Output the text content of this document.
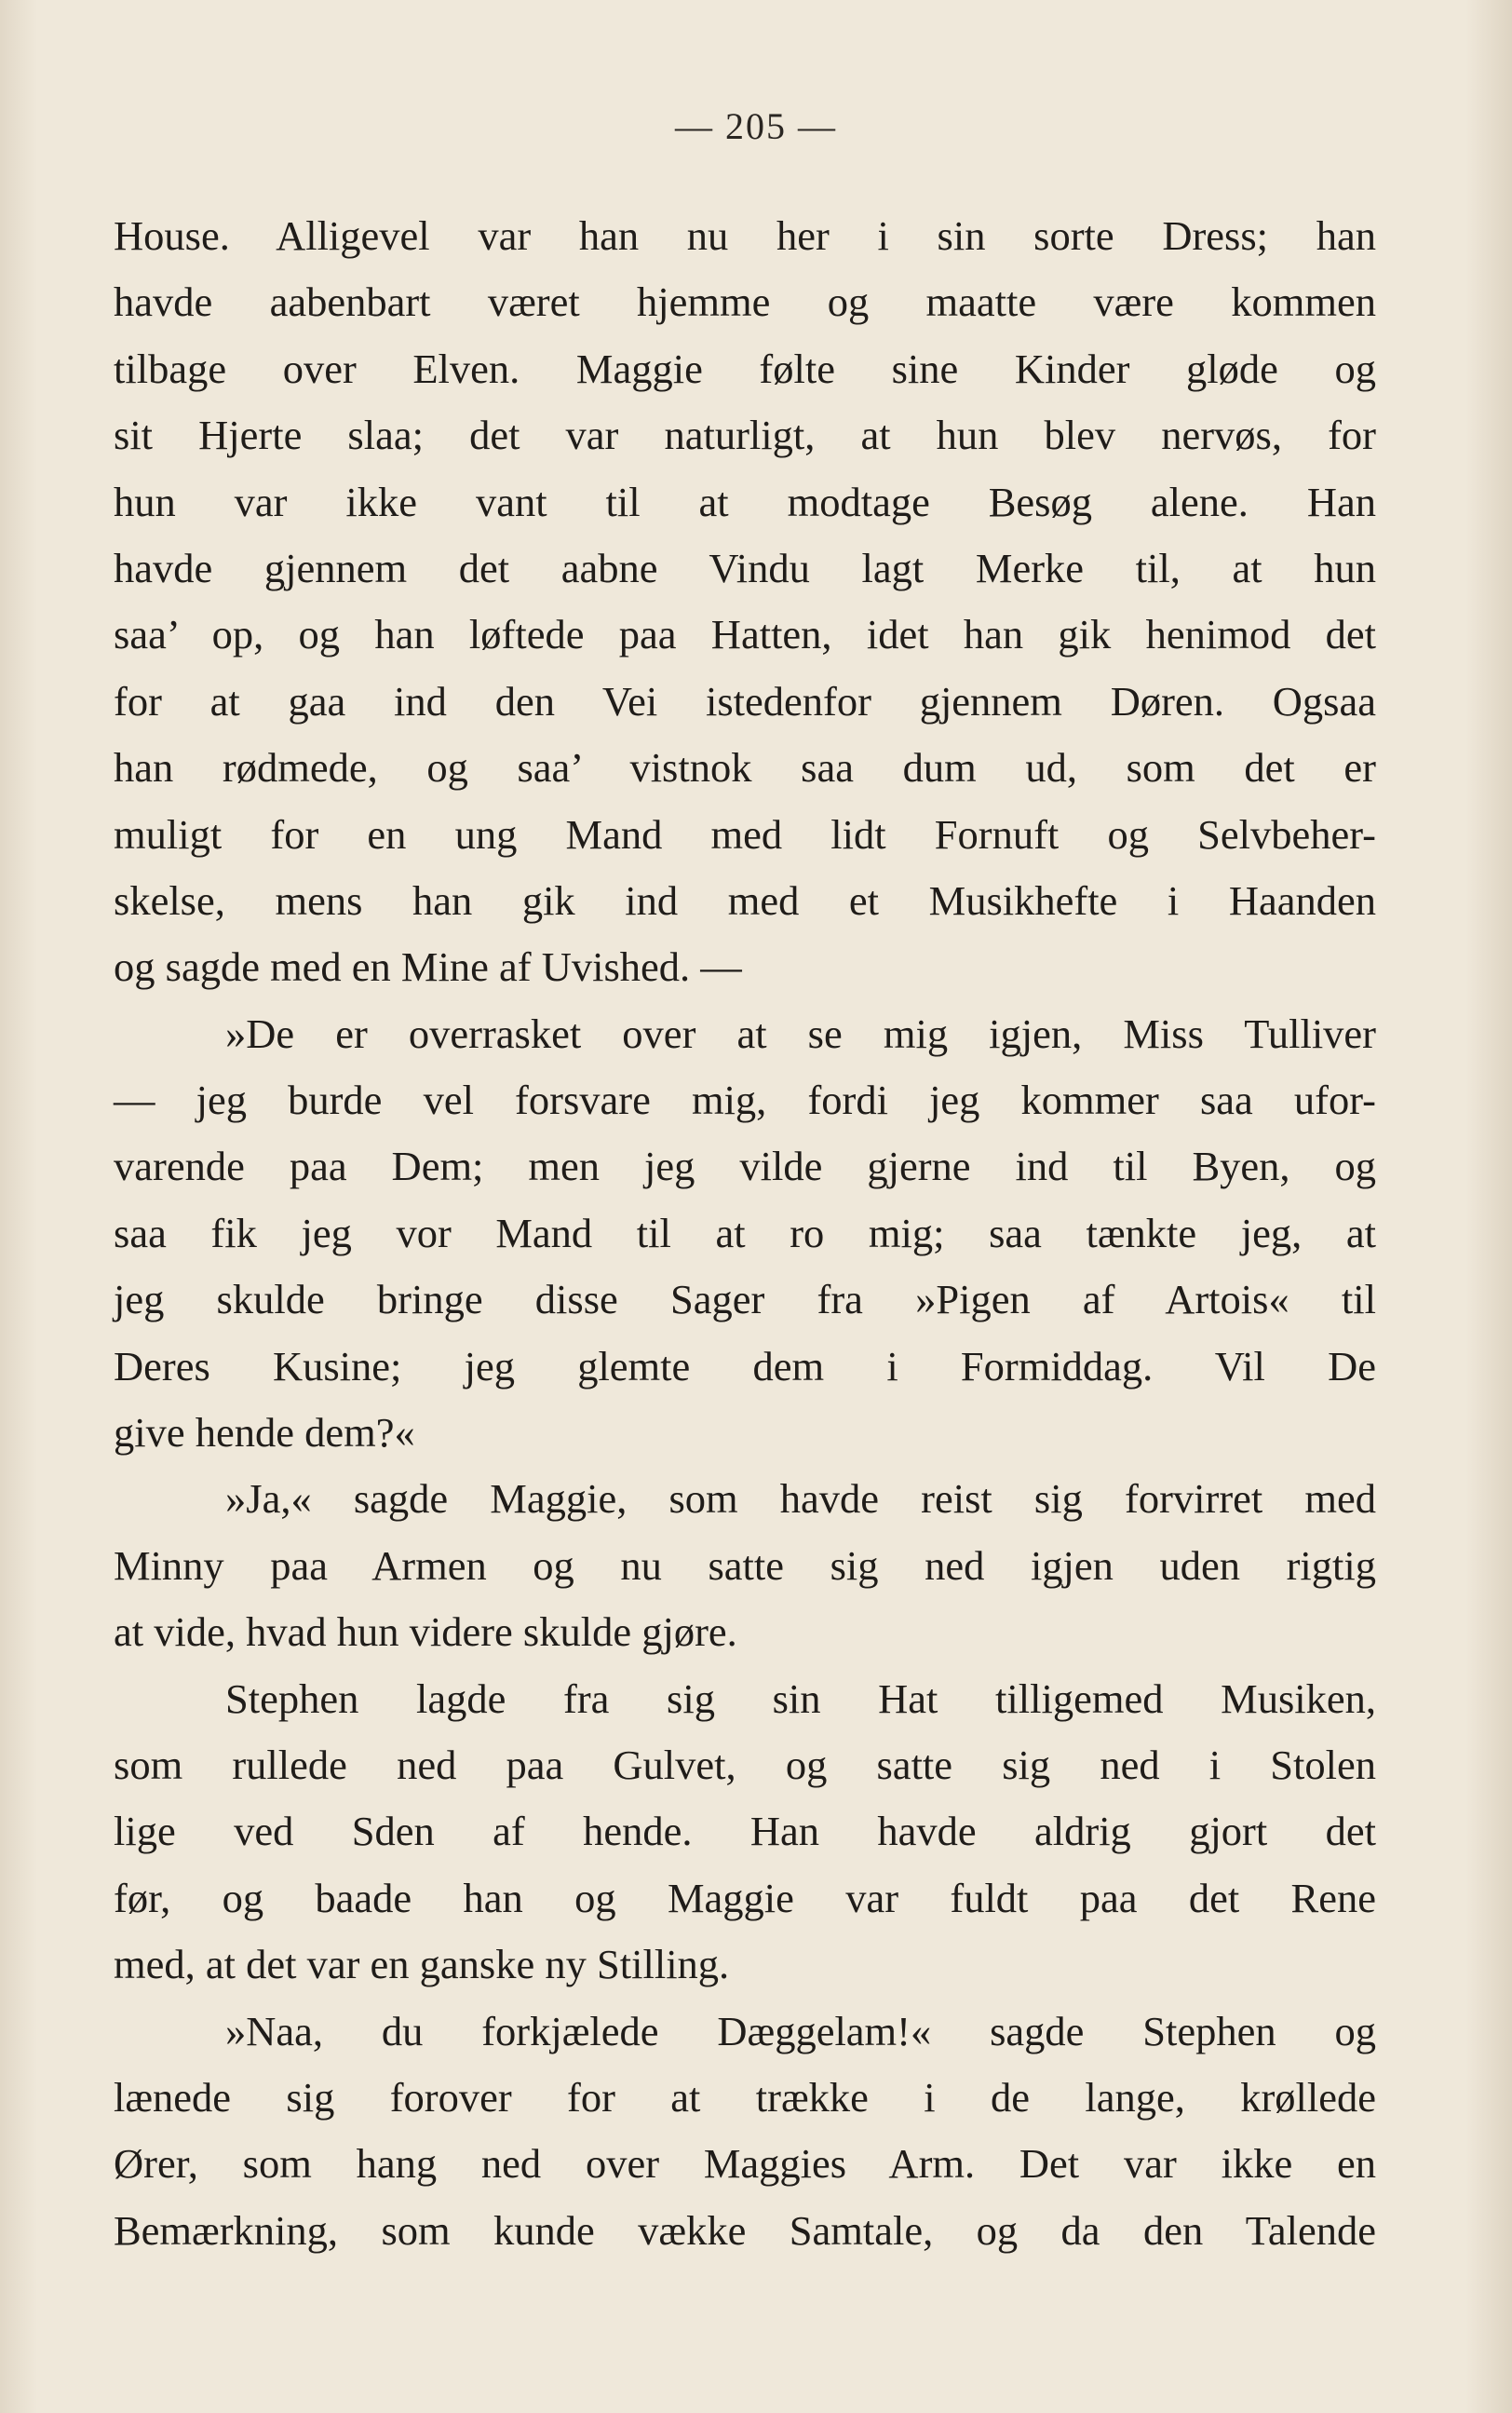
— 205 —
House. Alligevel var han nu her i sin sorte Dress; han
havde aabenbart været hjemme og maatte være kommen
tilbage over Elven. Maggie følte sine Kinder gløde og
sit Hjerte slaa; det var naturligt, at hun blev nervøs, for
hun var ikke vant til at modtage Besøg alene. Han
havde gjennem det aabne Vindu lagt Merke til, at hun
saa’ op, og han løftede paa Hatten, idet han gik henimod det
for at gaa ind den Vei istedenfor gjennem Døren. Ogsaa
han rødmede, og saa’ vistnok saa dum ud, som det er
muligt for en ung Mand med lidt Fornuft og Selvbeher-
skelse, mens han gik ind med et Musikhefte i Haanden
og sagde med en Mine af Uvished. —
»De er overrasket over at se mig igjen, Miss Tulliver
— jeg burde vel forsvare mig, fordi jeg kommer saa ufor-
varende paa Dem; men jeg vilde gjerne ind til Byen, og
saa fik jeg vor Mand til at ro mig; saa tænkte jeg, at
jeg skulde bringe disse Sager fra »Pigen af Artois« til
Deres Kusine; jeg glemte dem i Formiddag. Vil De
give hende dem?«
»Ja,« sagde Maggie, som havde reist sig forvirret med
Minny paa Armen og nu satte sig ned igjen uden rigtig
at vide, hvad hun videre skulde gjøre.
Stephen lagde fra sig sin Hat tilligemed Musiken,
som rullede ned paa Gulvet, og satte sig ned i Stolen
lige ved Sden af hende. Han havde aldrig gjort det
før, og baade han og Maggie var fuldt paa det Rene
med, at det var en ganske ny Stilling.
»Naa, du forkjælede Dæggelam!« sagde Stephen og
lænede sig forover for at trække i de lange, krøllede
Ører, som hang ned over Maggies Arm. Det var ikke en
Bemærkning, som kunde vække Samtale, og da den Talende
